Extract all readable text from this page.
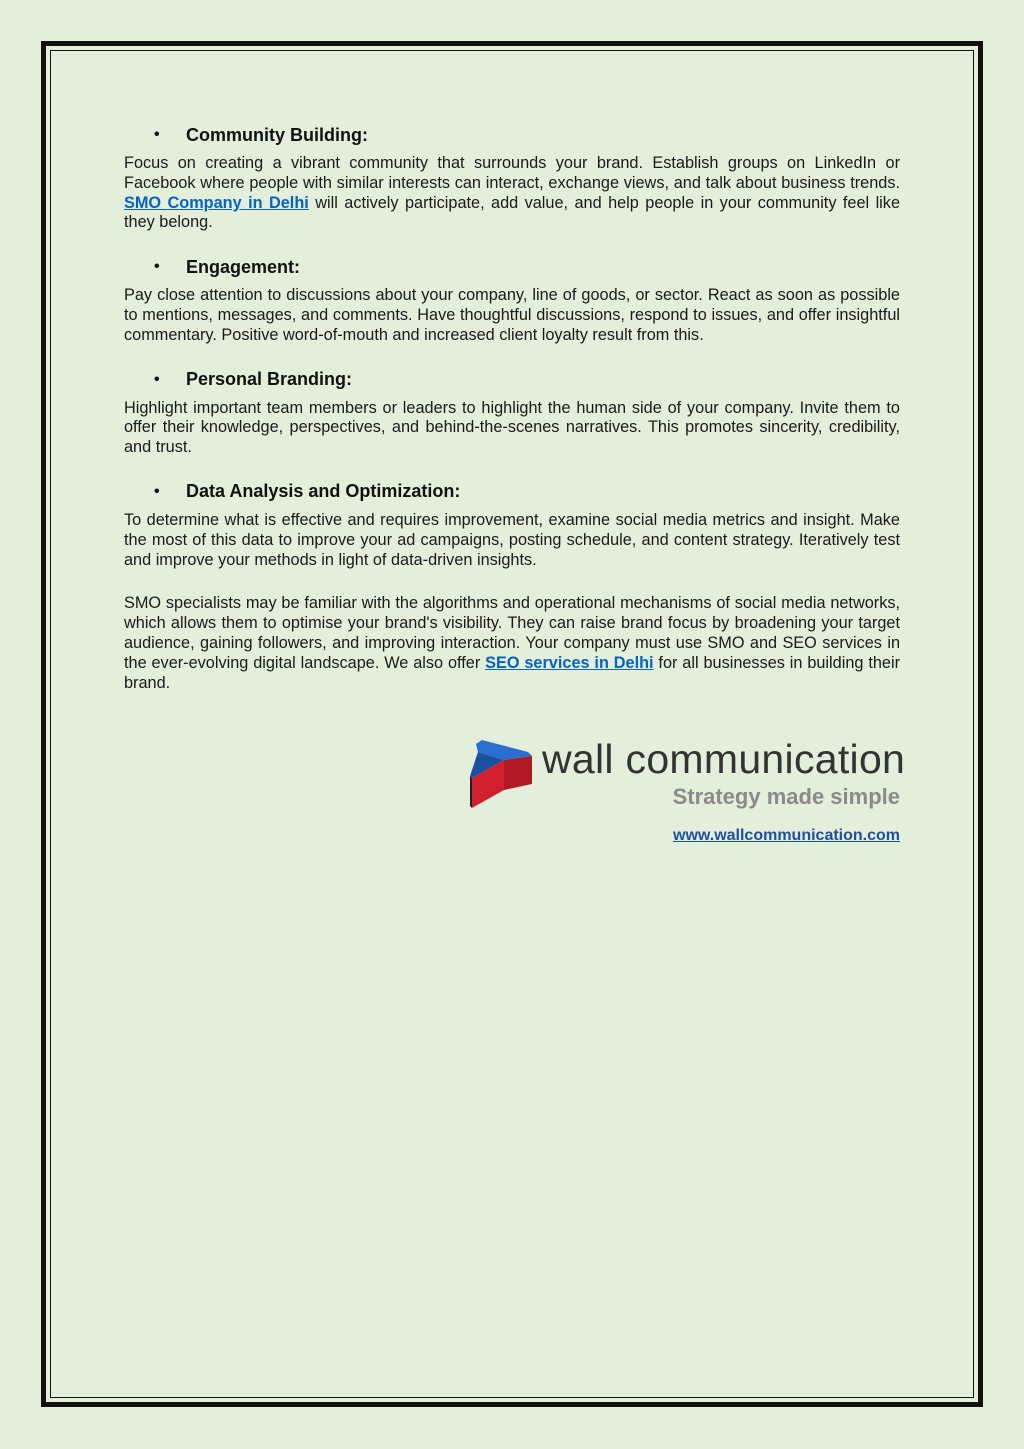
•	Community Building:

Focus on creating a vibrant community that surrounds your brand. Establish groups on LinkedIn or Facebook where people with similar interests can interact, exchange views, and talk about business trends. SMO Company in Delhi will actively participate, add value, and help people in your community feel like they belong.

•	Engagement:

Pay close attention to discussions about your company, line of goods, or sector. React as soon as possible to mentions, messages, and comments. Have thoughtful discussions, respond to issues, and offer insightful commentary. Positive word-of-mouth and increased client loyalty result from this.

•	Personal Branding:

Highlight important team members or leaders to highlight the human side of your company. Invite them to offer their knowledge, perspectives, and behind-the-scenes narratives. This promotes sincerity, credibility, and trust.

•	Data Analysis and Optimization:

To determine what is effective and requires improvement, examine social media metrics and insight. Make the most of this data to improve your ad campaigns, posting schedule, and content strategy. Iteratively test and improve your methods in light of data-driven insights.

SMO specialists may be familiar with the algorithms and operational mechanisms of social media networks, which allows them to optimise your brand's visibility. They can raise brand focus by broadening your target audience, gaining followers, and improving interaction. Your company must use SMO and SEO services in the ever-evolving digital landscape. We also offer SEO services in Delhi for all businesses in building their brand.

wall communication
Strategy made simple
www.wallcommunication.com
